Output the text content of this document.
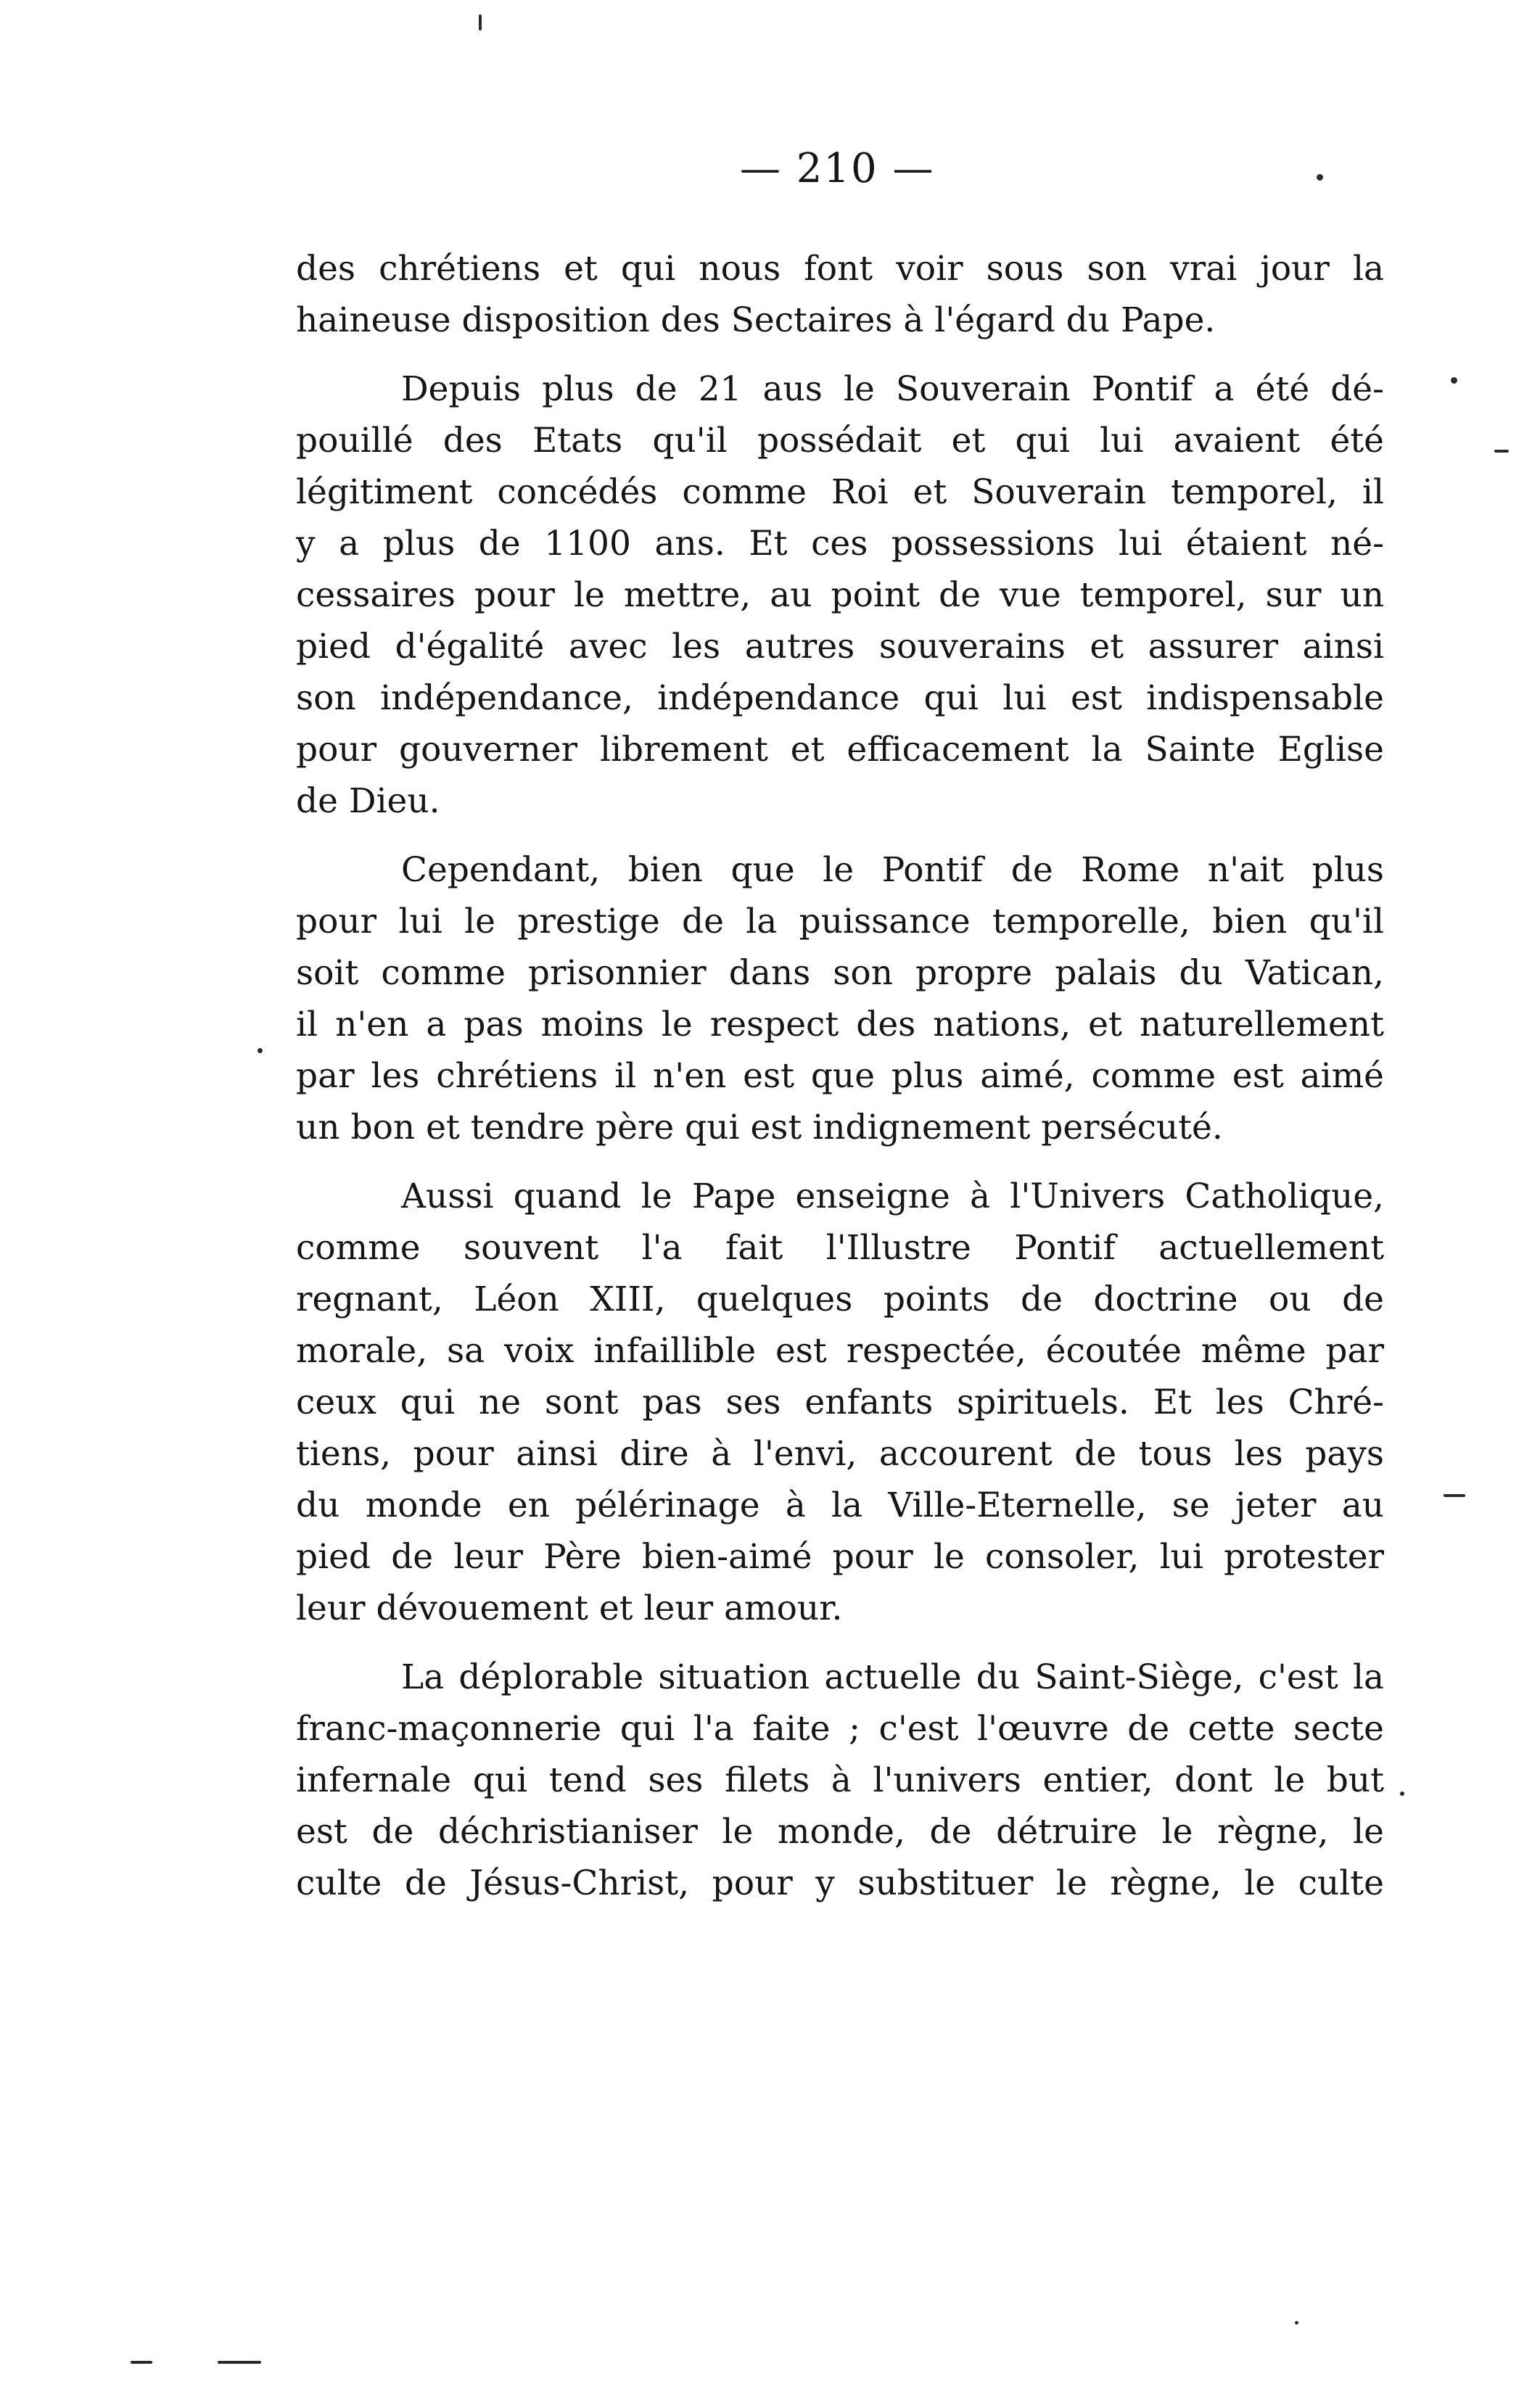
— 210 —
des chrétiens et qui nous font voir sous son vrai jour la
haineuse disposition des Sectaires à l'égard du Pape.
Depuis plus de 21 aus le Souverain Pontif a été dé-
pouillé des Etats qu'il possédait et qui lui avaient été
légitiment concédés comme Roi et Souverain temporel, il
y a plus de 1100 ans. Et ces possessions lui étaient né-
cessaires pour le mettre, au point de vue temporel, sur un
pied d'égalité avec les autres souverains et assurer ainsi
son indépendance, indépendance qui lui est indispensable
pour gouverner librement et efficacement la Sainte Eglise
de Dieu.
Cependant, bien que le Pontif de Rome n'ait plus
pour lui le prestige de la puissance temporelle, bien qu'il
soit comme prisonnier dans son propre palais du Vatican,
il n'en a pas moins le respect des nations, et naturellement
par les chrétiens il n'en est que plus aimé, comme est aimé
un bon et tendre père qui est indignement persécuté.
Aussi quand le Pape enseigne à l'Univers Catholique,
comme souvent l'a fait l'Illustre Pontif actuellement
regnant, Léon XIII, quelques points de doctrine ou de
morale, sa voix infaillible est respectée, écoutée même par
ceux qui ne sont pas ses enfants spirituels. Et les Chré-
tiens, pour ainsi dire à l'envi, accourent de tous les pays
du monde en pélérinage à la Ville-Eternelle, se jeter au
pied de leur Père bien-aimé pour le consoler, lui protester
leur dévouement et leur amour.
La déplorable situation actuelle du Saint-Siège, c'est la
franc-maçonnerie qui l'a faite ; c'est l'œuvre de cette secte
infernale qui tend ses filets à l'univers entier, dont le but
est de déchristianiser le monde, de détruire le règne, le
culte de Jésus-Christ, pour y substituer le règne, le culte
